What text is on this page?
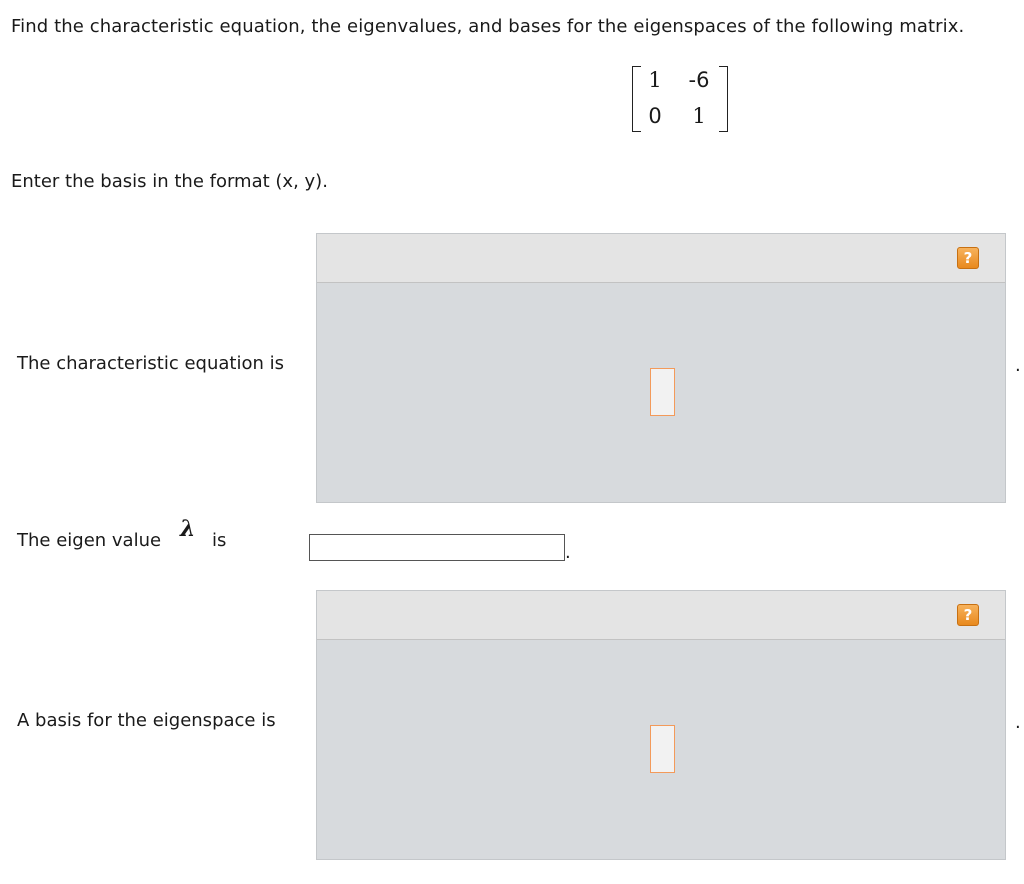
Find the characteristic equation, the eigenvalues, and bases for the eigenspaces of the following matrix.
1	-6
0	1
Enter the basis in the format (x, y).
The characteristic equation is
?
.
The eigen value λ is
.
A basis for the eigenspace is
?
.
